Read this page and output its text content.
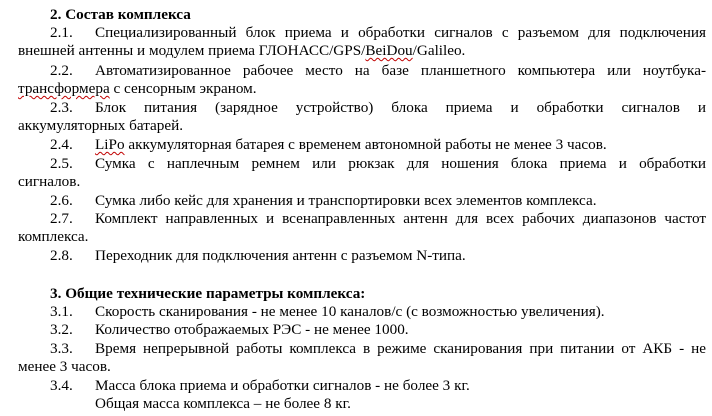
2. Состав комплекса
2.1. Специализированный блок приема и обработки сигналов с разъемом для подключения
внешней антенны и модулем приема ГЛОНАСС/GPS/BeiDou/Galileo.
2.2. Автоматизированное рабочее место на базе планшетного компьютера или ноутбука-
трансформера с сенсорным экраном.
2.3. Блок питания (зарядное устройство) блока приема и обработки сигналов и
аккумуляторных батарей.
2.4. LiPo аккумуляторная батарея с временем автономной работы не менее 3 часов.
2.5. Сумка с наплечным ремнем или рюкзак для ношения блока приема и обработки
сигналов.
2.6. Сумка либо кейс для хранения и транспортировки всех элементов комплекса.
2.7. Комплект направленных и всенаправленных антенн для всех рабочих диапазонов частот
комплекса.
2.8. Переходник для подключения антенн с разъемом N-типа.
3. Общие технические параметры комплекса:
3.1. Скорость сканирования - не менее 10 каналов/с (с возможностью увеличения).
3.2. Количество отображаемых РЭС - не менее 1000.
3.3. Время непрерывной работы комплекса в режиме сканирования при питании от АКБ - не
менее 3 часов.
3.4. Масса блока приема и обработки сигналов - не более 3 кг.
Общая масса комплекса – не более 8 кг.
